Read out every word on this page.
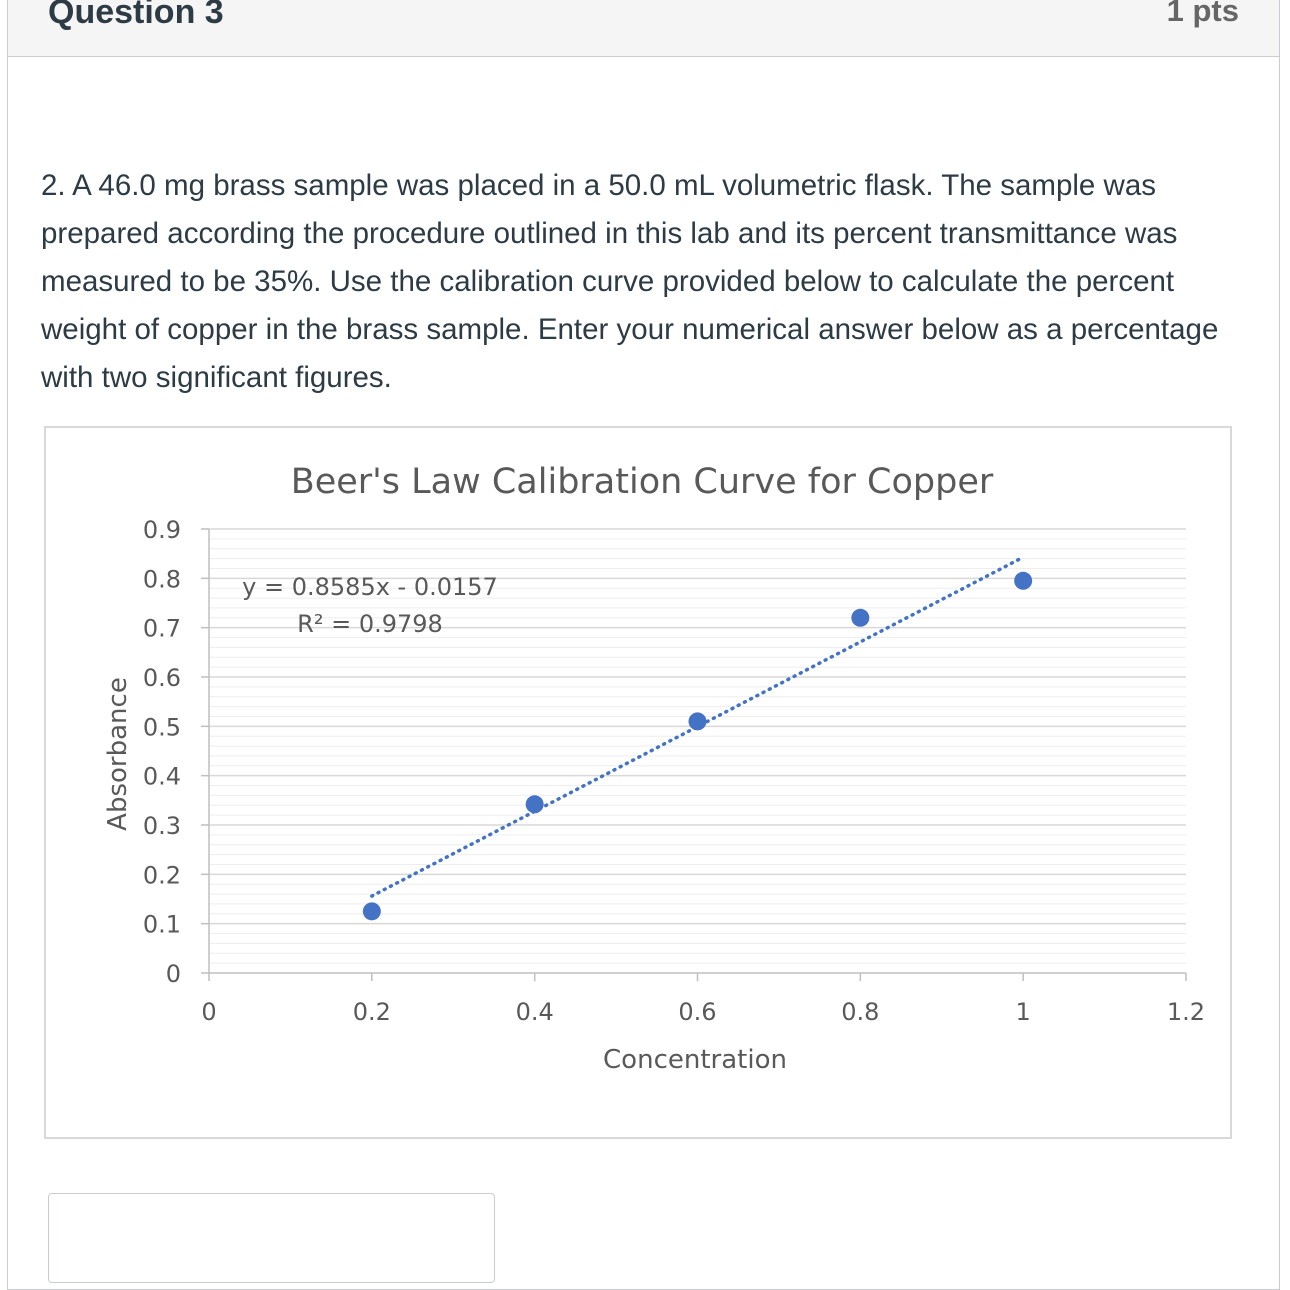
Question 3	1 pts
2. A 46.0 mg brass sample was placed in a 50.0 mL volumetric flask. The sample was prepared according the procedure outlined in this lab and its percent transmittance was measured to be 35%. Use the calibration curve provided below to calculate the percent weight of copper in the brass sample. Enter your numerical answer below as a percentage with two significant figures.
0
0.1
0.2
0.3
0.4
0.5
0.6
0.7
0.8
0.9
0	0.2	0.4	0.6	0.8	1	1.2
Beer's Law Calibration Curve for Copper
Concentration
Absorbance
y = 0.8585x - 0.0157
R² = 0.9798
